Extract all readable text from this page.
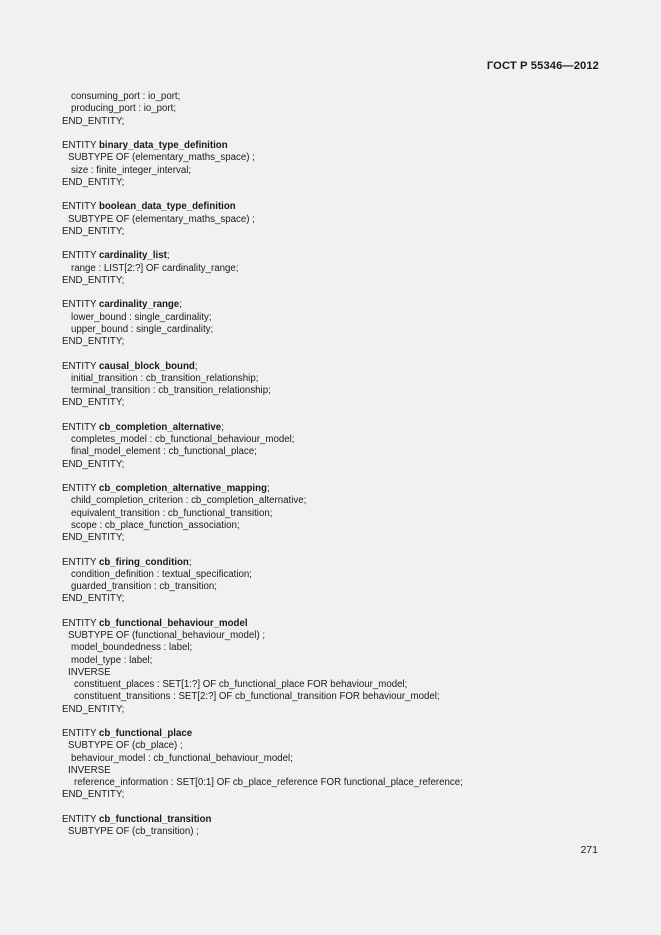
ГОСТ Р 55346—2012
consuming_port : io_port;
producing_port : io_port;
END_ENTITY;
ENTITY binary_data_type_definition
SUBTYPE OF (elementary_maths_space) ;
size : finite_integer_interval;
END_ENTITY;
ENTITY boolean_data_type_definition
SUBTYPE OF (elementary_maths_space) ;
END_ENTITY;
ENTITY cardinality_list;
range : LIST[2:?] OF cardinality_range;
END_ENTITY;
ENTITY cardinality_range;
lower_bound : single_cardinality;
upper_bound : single_cardinality;
END_ENTITY;
ENTITY causal_block_bound;
initial_transition : cb_transition_relationship;
terminal_transition : cb_transition_relationship;
END_ENTITY;
ENTITY cb_completion_alternative;
completes_model : cb_functional_behaviour_model;
final_model_element : cb_functional_place;
END_ENTITY;
ENTITY cb_completion_alternative_mapping;
child_completion_criterion : cb_completion_alternative;
equivalent_transition : cb_functional_transition;
scope : cb_place_function_association;
END_ENTITY;
ENTITY cb_firing_condition;
condition_definition : textual_specification;
guarded_transition : cb_transition;
END_ENTITY;
ENTITY cb_functional_behaviour_model
SUBTYPE OF (functional_behaviour_model) ;
model_boundedness : label;
model_type : label;
INVERSE
constituent_places : SET[1:?] OF cb_functional_place FOR behaviour_model;
constituent_transitions : SET[2:?] OF cb_functional_transition FOR behaviour_model;
END_ENTITY;
ENTITY cb_functional_place
SUBTYPE OF (cb_place) ;
behaviour_model : cb_functional_behaviour_model;
INVERSE
reference_information : SET[0:1] OF cb_place_reference FOR functional_place_reference;
END_ENTITY;
ENTITY cb_functional_transition
SUBTYPE OF (cb_transition) ;
271
